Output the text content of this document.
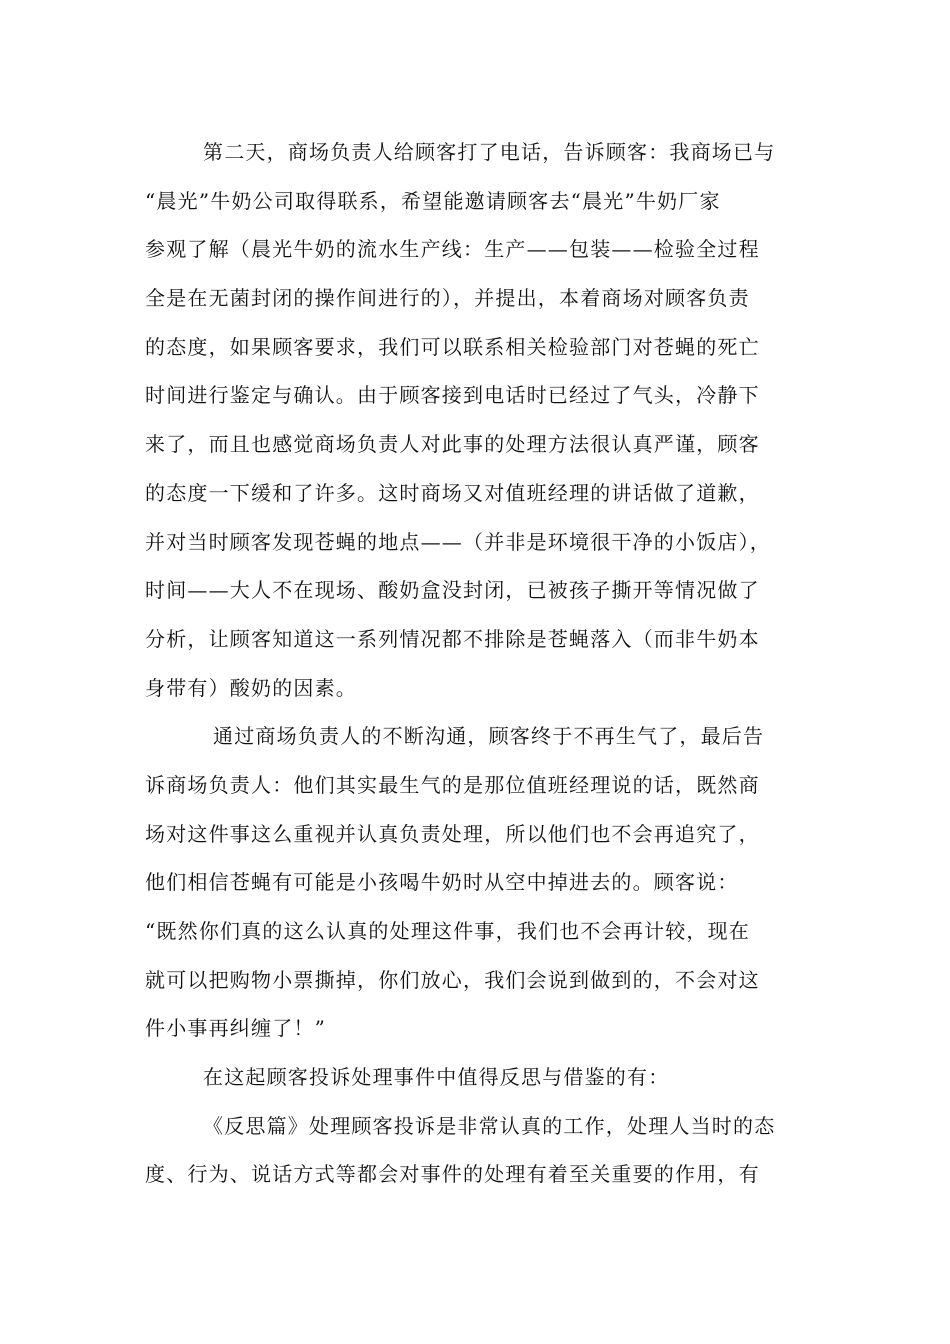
第二天，商场负责人给顾客打了电话，告诉顾客：我商场已与
“晨光”牛奶公司取得联系，希望能邀请顾客去“晨光”牛奶厂家
参观了解（晨光牛奶的流水生产线：生产——包装——检验全过程
全是在无菌封闭的操作间进行的），并提出，本着商场对顾客负责
的态度，如果顾客要求，我们可以联系相关检验部门对苍蝇的死亡
时间进行鉴定与确认。由于顾客接到电话时已经过了气头，冷静下
来了，而且也感觉商场负责人对此事的处理方法很认真严谨，顾客
的态度一下缓和了许多。这时商场又对值班经理的讲话做了道歉，
并对当时顾客发现苍蝇的地点——（并非是环境很干净的小饭店），
时间——大人不在现场、酸奶盒没封闭，已被孩子撕开等情况做了
分析，让顾客知道这一系列情况都不排除是苍蝇落入（而非牛奶本
身带有）酸奶的因素。
通过商场负责人的不断沟通，顾客终于不再生气了，最后告
诉商场负责人：他们其实最生气的是那位值班经理说的话，既然商
场对这件事这么重视并认真负责处理，所以他们也不会再追究了，
他们相信苍蝇有可能是小孩喝牛奶时从空中掉进去的。顾客说：
“既然你们真的这么认真的处理这件事，我们也不会再计较，现在
就可以把购物小票撕掉，你们放心，我们会说到做到的，不会对这
件小事再纠缠了！”
在这起顾客投诉处理事件中值得反思与借鉴的有：
《反思篇》处理顾客投诉是非常认真的工作，处理人当时的态
度、行为、说话方式等都会对事件的处理有着至关重要的作用，有
